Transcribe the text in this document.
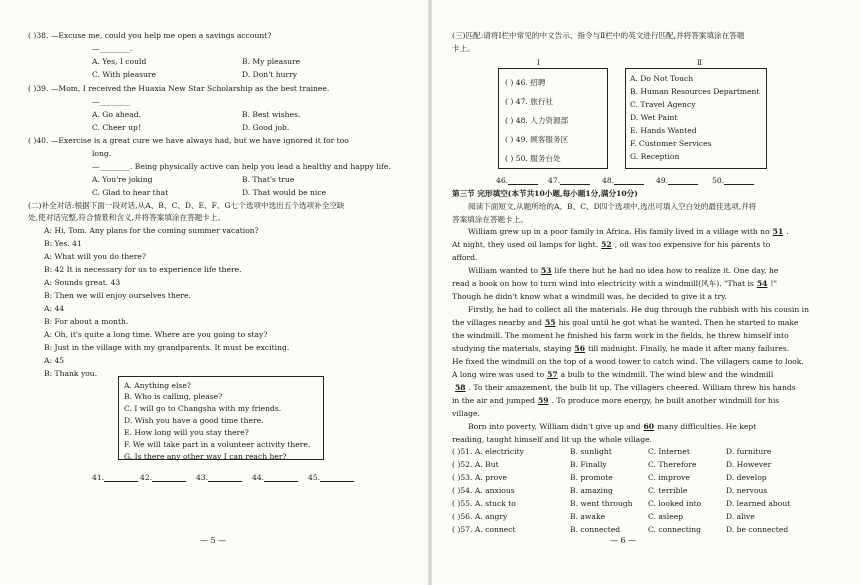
( )38. —Excuse me, could you help me open a savings account?
—________.
A. Yes, I could	B. My pleasure
C. With pleasure	D. Don't hurry
( )39. —Mom, I received the Huaxia New Star Scholarship as the best trainee.
—________
A. Go ahead.	B. Best wishes.
C. Cheer up!	D. Good job.
( )40. —Exercise is a great cure we have always had, but we have ignored it for too
long.
—________. Being physically active can help you lead a healthy and happy life.
A. You're joking	B. That's true
C. Glad to hear that	D. That would be nice
(二)补全对话:根据下面一段对话,从A、B、C、D、E、F、G七个选项中选出五个选项补全空缺
处,使对话完整,符合情景和含义,并将答案填涂在答题卡上。
A: Hi, Tom. Any plans for the coming summer vacation?
B: Yes. 41
A: What will you do there?
B: 42 It is necessary for us to experience life there.
A: Sounds great. 43
B: Then we will enjoy ourselves there.
A: 44
B: For about a month.
A: Oh, it's quite a long time. Where are you going to stay?
B: Just in the village with my grandparents. It must be exciting.
A: 45
B: Thank you.
A. Anything else?
B. Who is calling, please?
C. I will go to Changsha with my friends.
D. Wish you have a good time there.
E. How long will you stay there?
F. We will take part in a volunteer activity there.
G. Is there any other way I can reach her?
41.	42.	43.	44.	45.
— 5 —
(三)匹配:请将Ⅰ栏中常见的中文告示、指令与Ⅱ栏中的英文进行匹配,并将答案填涂在答题
卡上。
Ⅰ	Ⅱ
( ) 46. 招聘
( ) 47. 旅行社
( ) 48. 人力资源部
( ) 49. 顾客服务区
( ) 50. 服务台处
A. Do Not Touch
B. Human Resources Department
C. Travel Agency
D. Wet Paint
E. Hands Wanted
F. Customer Services
G. Reception
46.	47.	48.	49.	50.
第三节 完形填空(本节共10小题,每小题1分,满分10分)
阅读下面短文,从题所给的A、B、C、D四个选项中,选出可填入空白处的最佳选项,并将
答案填涂在答题卡上。
William grew up in a poor family in Africa. His family lived in a village with no 51 .
At night, they used oil lamps for light. 52 , oil was too expensive for his parents to
afford.
William wanted to 53 life there but he had no idea how to realize it. One day, he
read a book on how to turn wind into electricity with a windmill(风车). "That is 54 !"
Though he didn't know what a windmill was, he decided to give it a try.
Firstly, he had to collect all the materials. He dug through the rubbish with his cousin in
the villages nearby and 55 his goal until he got what he wanted. Then he started to make
the windmill. The moment he finished his farm work in the fields, he threw himself into
studying the materials, staying 56 till midnight. Finally, he made it after many failures.
He fixed the windmill on the top of a wood tower to catch wind. The villagers came to look.
A long wire was used to 57 a bulb to the windmill. The wind blew and the windmill
58 . To their amazement, the bulb lit up. The villagers cheered. William threw his hands
in the air and jumped 59 . To produce more energy, he built another windmill for his
village.
Born into poverty, William didn't give up and 60 many difficulties. He kept
reading, taught himself and lit up the whole village.
( )51. A. electricity	B. sunlight	C. Internet	D. furniture
( )52. A. But	B. Finally	C. Therefore	D. However
( )53. A. prove	B. promote	C. improve	D. develop
( )54. A. anxious	B. amazing	C. terrible	D. nervous
( )55. A. stuck to	B. went through C. looked into	D. learned about
( )56. A. angry	B. awake	C. asleep	D. alive
( )57. A. connect	B. connected	C. connecting	D. be connected
— 6 —
